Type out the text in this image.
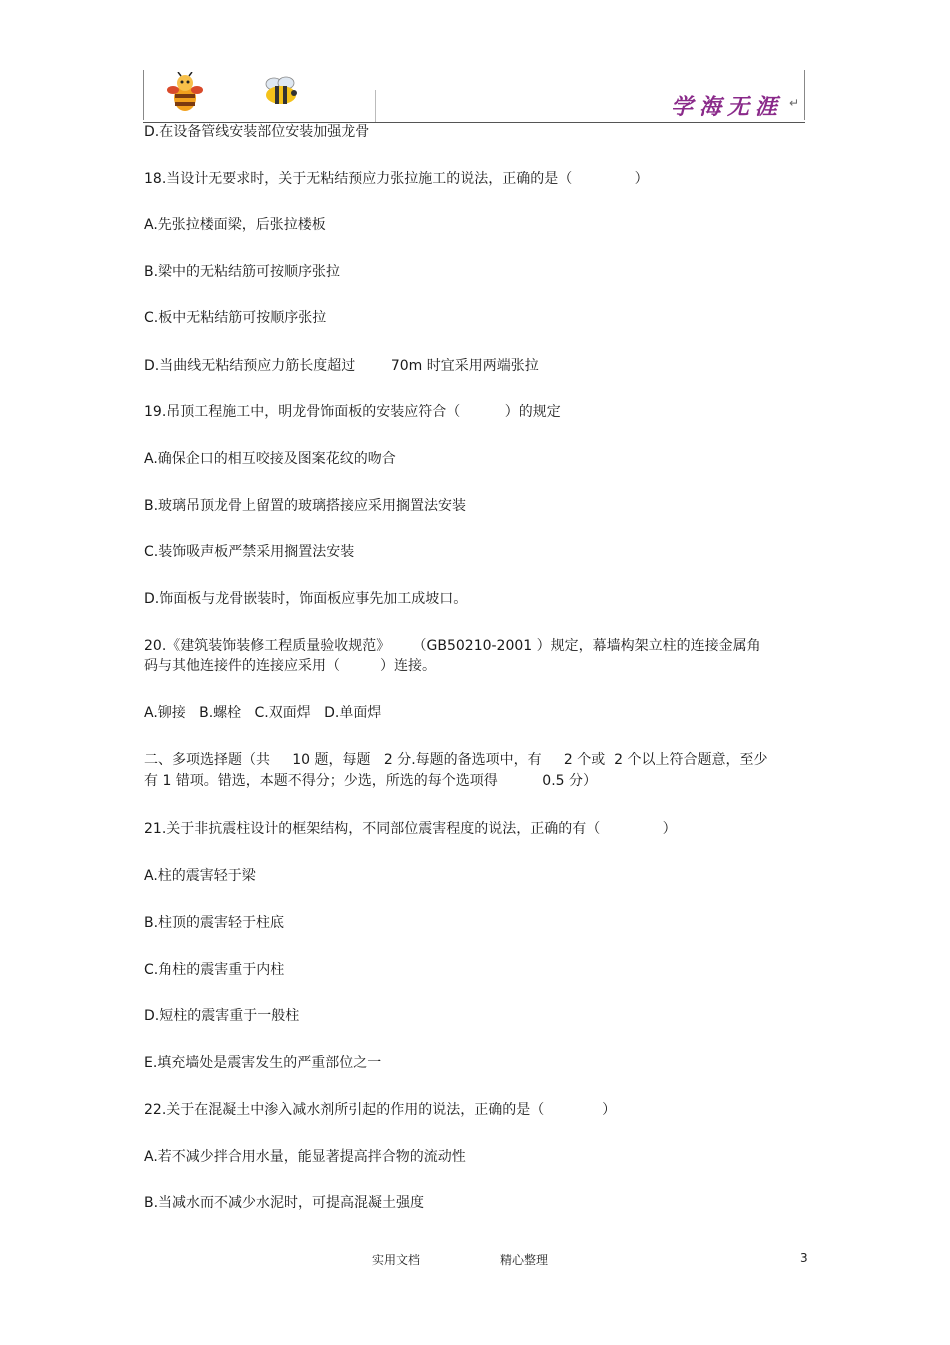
学海无涯 ↵
D.在设备管线安装部位安装加强龙骨
18.当设计无要求时，关于无粘结预应力张拉施工的说法，正确的是（              ）
A.先张拉楼面梁，后张拉楼板
B.梁中的无粘结筋可按顺序张拉
C.板中无粘结筋可按顺序张拉
D.当曲线无粘结预应力筋长度超过        70m 时宜采用两端张拉
19.吊顶工程施工中，明龙骨饰面板的安装应符合（          ）的规定
A.确保企口的相互咬接及图案花纹的吻合
B.玻璃吊顶龙骨上留置的玻璃搭接应采用搁置法安装
C.装饰吸声板严禁采用搁置法安装
D.饰面板与龙骨嵌装时，饰面板应事先加工成坡口。
20.《建筑装饰装修工程质量验收规范》     （GB50210-2001 ）规定，幕墙构架立柱的连接金属角
码与其他连接件的连接应采用（         ）连接。
A.铆接   B.螺栓   C.双面焊   D.单面焊
二、多项选择题（共     10 题，每题   2 分.每题的备选项中，有     2 个或  2 个以上符合题意，至少
有 1 错项。错选，本题不得分；少选，所选的每个选项得          0.5 分）
21.关于非抗震柱设计的框架结构，不同部位震害程度的说法，正确的有（              ）
A.柱的震害轻于梁
B.柱顶的震害轻于柱底
C.角柱的震害重于内柱
D.短柱的震害重于一般柱
E.填充墙处是震害发生的严重部位之一
22.关于在混凝土中渗入减水剂所引起的作用的说法，正确的是（             ）
A.若不减少拌合用水量，能显著提高拌合物的流动性
B.当减水而不减少水泥时，可提高混凝土强度
实用文档	精心整理	3
